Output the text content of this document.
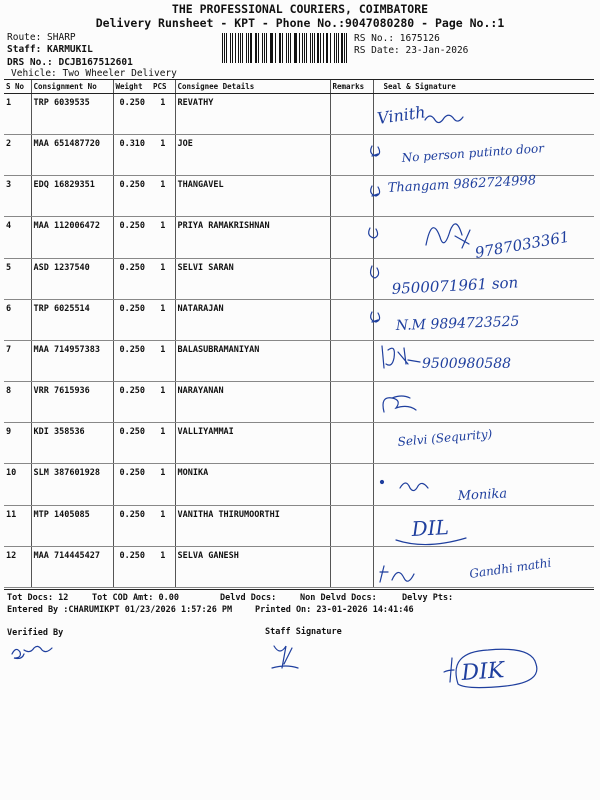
THE PROFESSIONAL COURIERS, COIMBATORE
Delivery Runsheet - KPT - Phone No.:9047080280 - Page No.:1
Route: SHARP
Staff: KARMUKIL
DRS No.: DCJB167512601
Vehicle: Two Wheeler Delivery
RS No.: 1675126
RS Date: 23-Jan-2026
S No	Consignment No	Weight	PCS	Consignee Details	Remarks	Seal & Signature
1	TRP 6039535	0.250	1	REVATHY		
2	MAA 651487720	0.310	1	JOE		
3	EDQ 16829351	0.250	1	THANGAVEL		
4	MAA 112006472	0.250	1	PRIYA RAMAKRISHNAN		
5	ASD 1237540	0.250	1	SELVI SARAN		
6	TRP 6025514	0.250	1	NATARAJAN		
7	MAA 714957383	0.250	1	BALASUBRAMANIYAN		
8	VRR 7615936	0.250	1	NARAYANAN		
9	KDI 358536	0.250	1	VALLIYAMMAI		
10	SLM 387601928	0.250	1	MONIKA		
11	MTP 1405085	0.250	1	VANITHA THIRUMOORTHI		
12	MAA 714445427	0.250	1	SELVA GANESH		
Tot Docs: 12	Tot COD Amt: 0.00	Delvd Docs:	Non Delvd Docs:	Delvy Pts:
Entered By :CHARUMIKPT 01/23/2026 1:57:26 PM	Printed On: 23-01-2026 14:41:46
Verified By	Staff Signature
Vinith
No person putinto door
Thangam 9862724998
9787033361
9500071961 son
N.M 9894723525
9500980588
Selvi (Sequrity)
Monika
DIL
Gandhi mathi
DIK
